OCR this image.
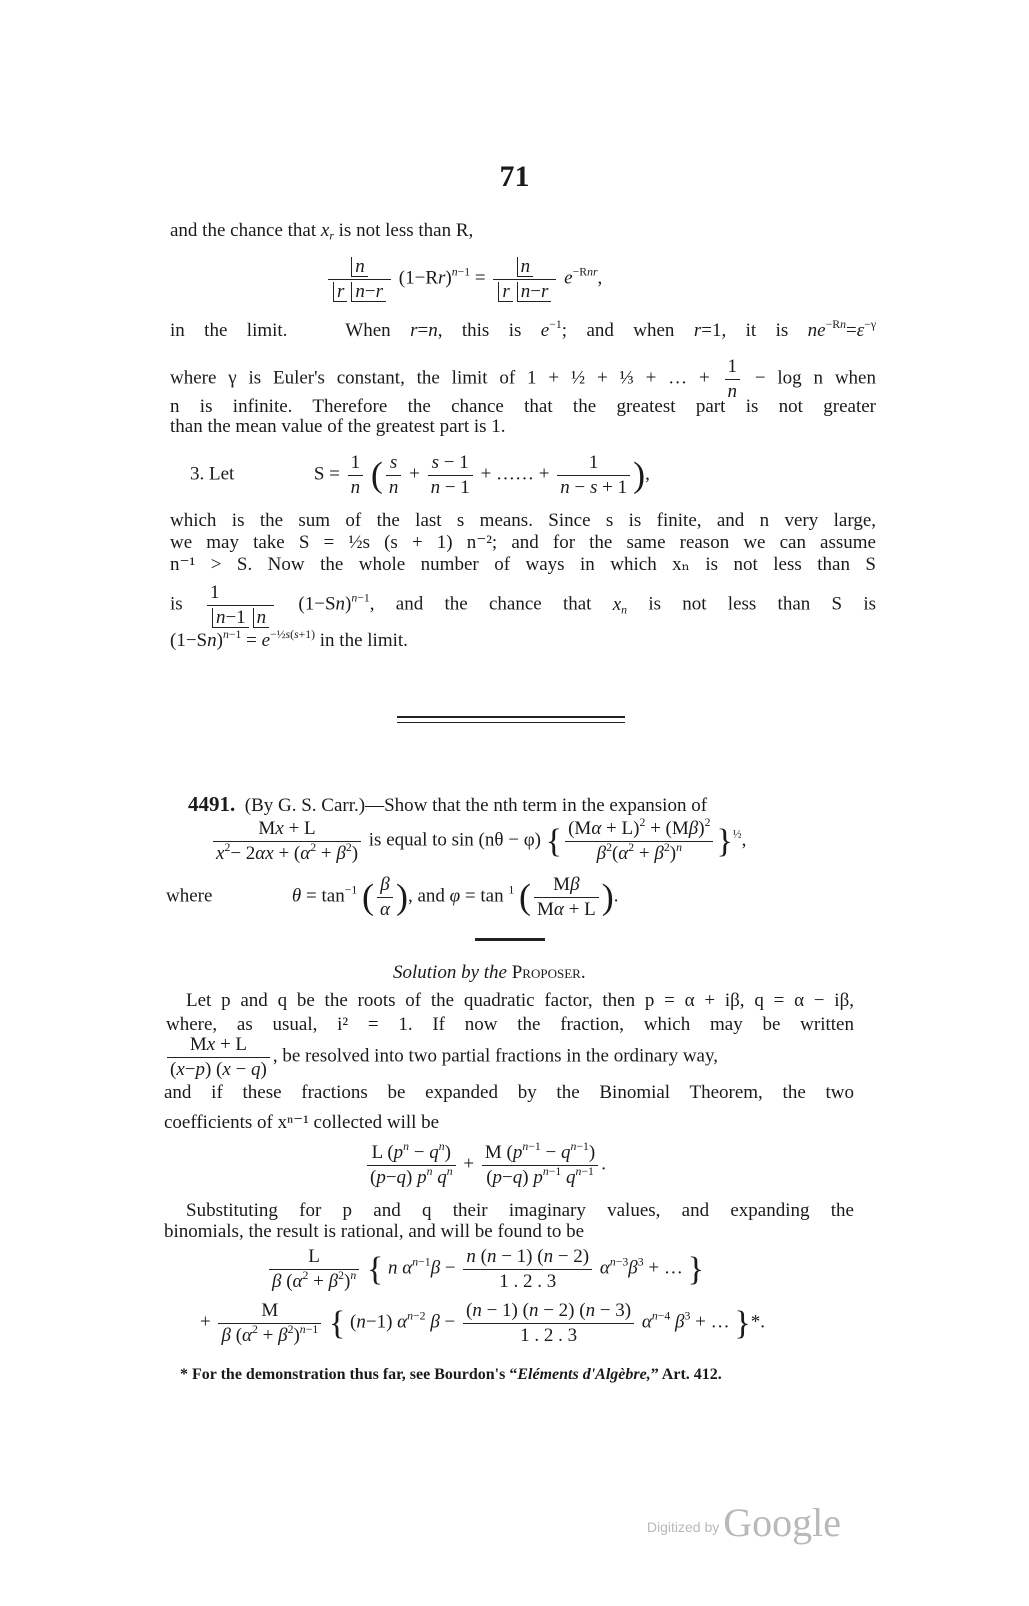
71
and the chance that $x_r$ is not less than R,
$\frac{n}{\text{r n−r}} (1-Rr)^{n-1} = \frac{n}{\text{r n−r}} e^{-Rnr}$,
in the limit.	When r=n, this is $e^{-1}$; and when r=1, it is $ne^{-Rn}=\varepsilon^{-\gamma}$
where γ is Euler's constant, the limit of 1 + ½ + ⅓ + … + $\frac{1}{n} - \log n$ when
n is infinite. Therefore the chance that the greatest part is not greater
than the mean value of the greatest part is 1.
3. Let	$S = \frac{1}{n}$ ( $\frac{s}{n} + \frac{s - 1}{n - 1}$ + …… + $\frac{1}{n - s + 1}$ ),
which is the sum of the last s means. Since s is finite, and n very large,
we may take S = ½s (s + 1) n⁻²; and for the same reason we can assume
n⁻¹ > S. Now the whole number of ways in which xₙ is not less than S
is $\frac{1}{n-1 n} (1-Sn)^{n-1}$, and the chance that $x_n$ is not less than S is
$(1-Sn)^{n-1} = e^{-\frac{1}{2}s(s+1)}$ in the limit.
4491. (By G. S. Carr.)—Show that the nth term in the expansion of
$\frac{Mx + L}{x^2- 2\alpha x + (\alpha^2 + \beta^2)}$ is equal to sin (nθ − φ) { $\frac{(M\alpha + L)^2 + (M\beta)^2}{\beta^2(\alpha^2 + \beta^2)^n} \}^{\frac{1}{2}}$,
where	$\theta = \tan^{-1}$ ( $\frac{\beta}{\alpha}$ ), and φ = tan $^1$ ( $\frac{M\beta}{M\alpha + L}$ ).
Solution by the Proposer.
Let p and q be the roots of the quadratic factor, then p = α + iβ, q = α − iβ,
where, as usual, i² = 1. If now the fraction, which may be written
$\frac{Mx + L}{(x-p) (x - q)}$ , be resolved into two partial fractions in the ordinary way,
and if these fractions be expanded by the Binomial Theorem, the two
coefficients of xⁿ⁻¹ collected will be
$\frac{L (p^n - q^n)}{(p-q) p^n q^n} + \frac{M (p^{n-1} - q^{n-1})}{(p-q) p^{n-1} q^{n-1}}$ .
Substituting for p and q their imaginary values, and expanding the
binomials, the result is rational, and will be found to be
$\frac{L}{\beta (\alpha^2 + \beta^2)^n}$ { n $\alpha^{n-1}\beta - \frac{n (n - 1) (n - 2)}{1 . 2 . 3} \alpha^{n-3}\beta^3$ + … }
+ $\frac{M}{\beta (\alpha^2 + \beta^2)^{n-1}}$ { (n−1) $\alpha^{n-2}$ $\beta - \frac{(n - 1) (n - 2) (n - 3)}{1 . 2 . 3} \alpha^{n-4}$ $\beta^3$ + … }*.
* For the demonstration thus far, see Bourdon's “Eléments d'Algèbre,” Art. 412.
$^{Digitized by}$ Google
